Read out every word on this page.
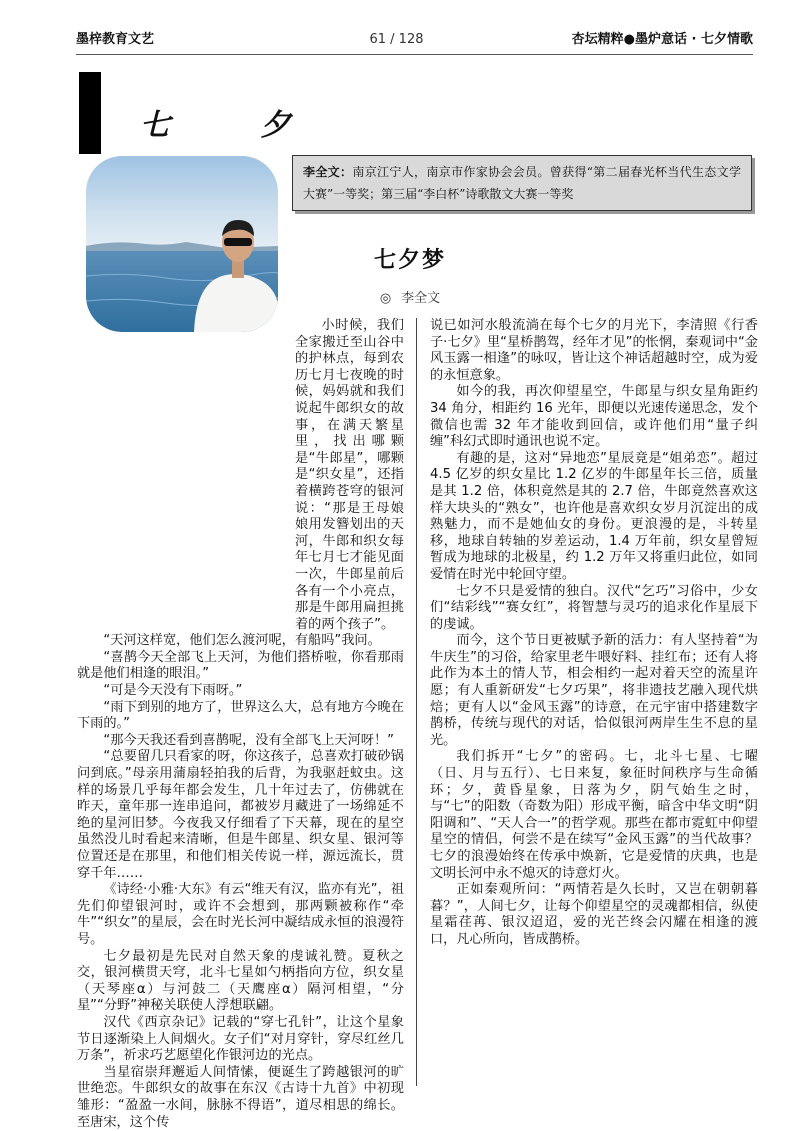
墨梓教育文艺	61 / 128	杏坛精粹●墨炉意话 · 七夕情歌
七 夕

李全文：南京江宁人，南京市作家协会会员。曾获得“第二届春光杯当代生态文学大赛”一等奖；第三届“李白杯”诗歌散文大赛一等奖

七夕梦
◎ 李全文

小时候，我们全家搬迁至山谷中的护林点，每到农历七月七夜晚的时候，妈妈就和我们说起牛郎织女的故事，在满天繁星里，找出哪颗是“牛郎星”，哪颗是“织女星”，还指着横跨苍穹的银河说：“那是王母娘娘用发簪划出的天河，牛郎和织女每年七月七才能见面一次，牛郎星前后各有一个小亮点，那是牛郎用扁担挑着的两个孩子”。

“天河这样宽，他们怎么渡河呢，有船吗”我问。

“喜鹊今天全部飞上天河，为他们搭桥啦，你看那雨就是他们相逢的眼泪。”

“可是今天没有下雨呀。”

“雨下到别的地方了，世界这么大，总有地方今晚在下雨的。”

“那今天我还看到喜鹊呢，没有全部飞上天河呀！”

“总要留几只看家的呀，你这孩子，总喜欢打破砂锅问到底。”母亲用蒲扇轻拍我的后背，为我驱赶蚊虫。这样的场景几乎每年都会发生，几十年过去了，仿佛就在昨天，童年那一连串追问，都被岁月藏进了一场绵延不绝的星河旧梦。今夜我又仔细看了下天幕，现在的星空虽然没儿时看起来清晰，但是牛郎星、织女星、银河等位置还是在那里，和他们相关传说一样，源远流长，贯穿千年……

《诗经·小雅·大东》有云“维天有汉，监亦有光”，祖先们仰望银河时，或许不会想到，那两颗被称作“牵牛”“织女”的星辰，会在时光长河中凝结成永恒的浪漫符号。

七夕最初是先民对自然天象的虔诚礼赞。夏秋之交，银河横贯天穹，北斗七星如勺柄指向方位，织女星（天琴座α）与河鼓二（天鹰座α）隔河相望，“分星”“分野”神秘关联使人浮想联翩。

汉代《西京杂记》记载的“穿七孔针”，让这个星象节日逐渐染上人间烟火。女子们“对月穿针，穿尽红丝几万条”，祈求巧艺愿望化作银河边的光点。

当星宿崇拜邂逅人间情愫，便诞生了跨越银河的旷世绝恋。牛郎织女的故事在东汉《古诗十九首》中初现雏形：“盈盈一水间，脉脉不得语”，道尽相思的绵长。至唐宋，这个传

说已如河水般流淌在每个七夕的月光下，李清照《行香子·七夕》里“星桥鹊驾，经年才见”的怅惘，秦观词中“金风玉露一相逢”的咏叹，皆让这个神话超越时空，成为爱的永恒意象。

如今的我，再次仰望星空，牛郎星与织女星角距约 34 角分，相距约 16 光年，即便以光速传递思念，发个微信也需 32 年才能收到回信，或许他们用“量子纠缠”科幻式即时通讯也说不定。

有趣的是，这对“异地恋”星辰竟是“姐弟恋”。超过 4.5 亿岁的织女星比 1.2 亿岁的牛郎星年长三倍，质量是其 1.2 倍，体积竟然是其的 2.7 倍，牛郎竟然喜欢这样大块头的“熟女”，也许他是喜欢织女岁月沉淀出的成熟魅力，而不是她仙女的身份。更浪漫的是，斗转星移，地球自转轴的岁差运动，1.4 万年前，织女星曾短暂成为地球的北极星，约 1.2 万年又将重归此位，如同爱情在时光中轮回守望。

七夕不只是爱情的独白。汉代“乞巧”习俗中，少女们“结彩线”“赛女红”，将智慧与灵巧的追求化作星辰下的虔诚。

而今，这个节日更被赋予新的活力：有人坚持着“为牛庆生”的习俗，给家里老牛喂好料、挂红布；还有人将此作为本土的情人节，相会相约一起对着天空的流星许愿；有人重新研发“七夕巧果”，将非遗技艺融入现代烘焙；更有人以“金风玉露”的诗意，在元宇宙中搭建数字鹊桥，传统与现代的对话，恰似银河两岸生生不息的星光。

我们拆开“七夕”的密码。七，北斗七星、七曜（日、月与五行）、七日来复，象征时间秩序与生命循环；夕，黄昏星象，日落为夕，阴气始生之时，与“七”的阳数（奇数为阳）形成平衡，暗含中华文明“阴阳调和”、“天人合一”的哲学观。那些在都市霓虹中仰望星空的情侣，何尝不是在续写“金风玉露”的当代故事？七夕的浪漫始终在传承中焕新，它是爱情的庆典，也是文明长河中永不熄灭的诗意灯火。

正如秦观所问：“两情若是久长时，又岂在朝朝暮暮？”，人间七夕，让每个仰望星空的灵魂都相信，纵使星霜荏苒、银汉迢迢，爱的光芒终会闪耀在相逢的渡口，凡心所向，皆成鹊桥。
